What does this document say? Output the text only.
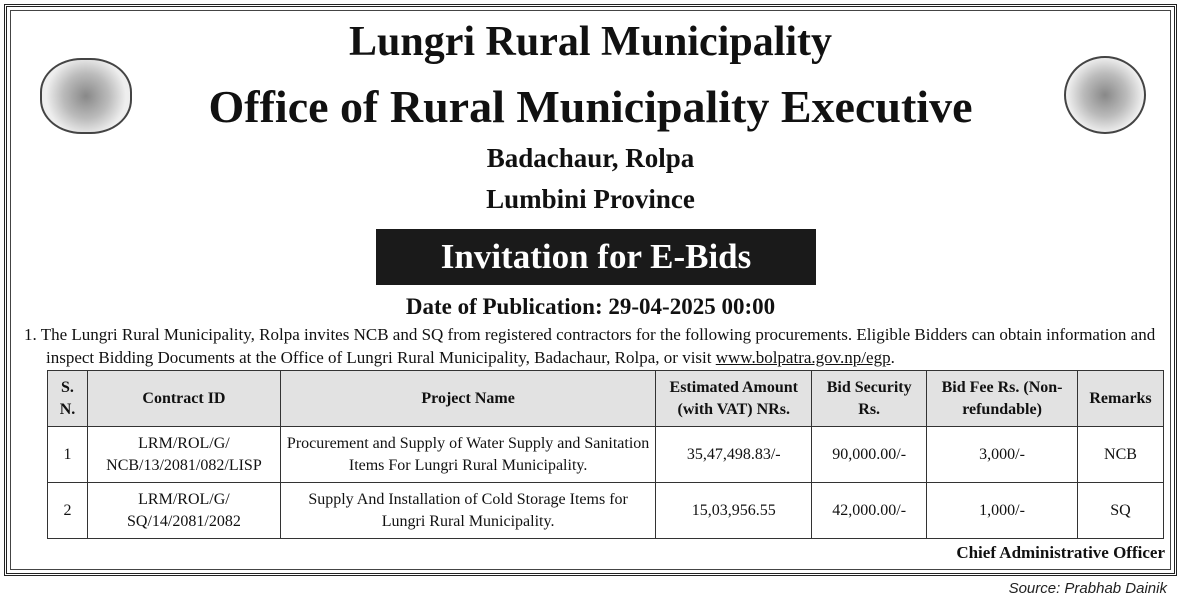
Lungri Rural Municipality
Office of Rural Municipality Executive
Badachaur, Rolpa
Lumbini Province
Invitation for E-Bids
Date of Publication: 29-04-2025 00:00
1. The Lungri Rural Municipality, Rolpa invites NCB and SQ from registered contractors for the following procurements. Eligible Bidders can obtain information and
inspect Bidding Documents at the Office of Lungri Rural Municipality, Badachaur, Rolpa, or visit www.bolpatra.gov.np/egp.
S. N.	Contract ID	Project Name	Estimated Amount (with VAT) NRs.	Bid Security Rs.	Bid Fee Rs. (Non-refundable)	Remarks
1	LRM/ROL/G/ NCB/13/2081/082/LISP	Procurement and Supply of Water Supply and Sanitation Items For Lungri Rural Municipality.	35,47,498.83/-	90,000.00/-	3,000/-	NCB
2	LRM/ROL/G/ SQ/14/2081/2082	Supply And Installation of Cold Storage Items for Lungri Rural Municipality.	15,03,956.55	42,000.00/-	1,000/-	SQ
Chief Administrative Officer
Source: Prabhab Dainik
